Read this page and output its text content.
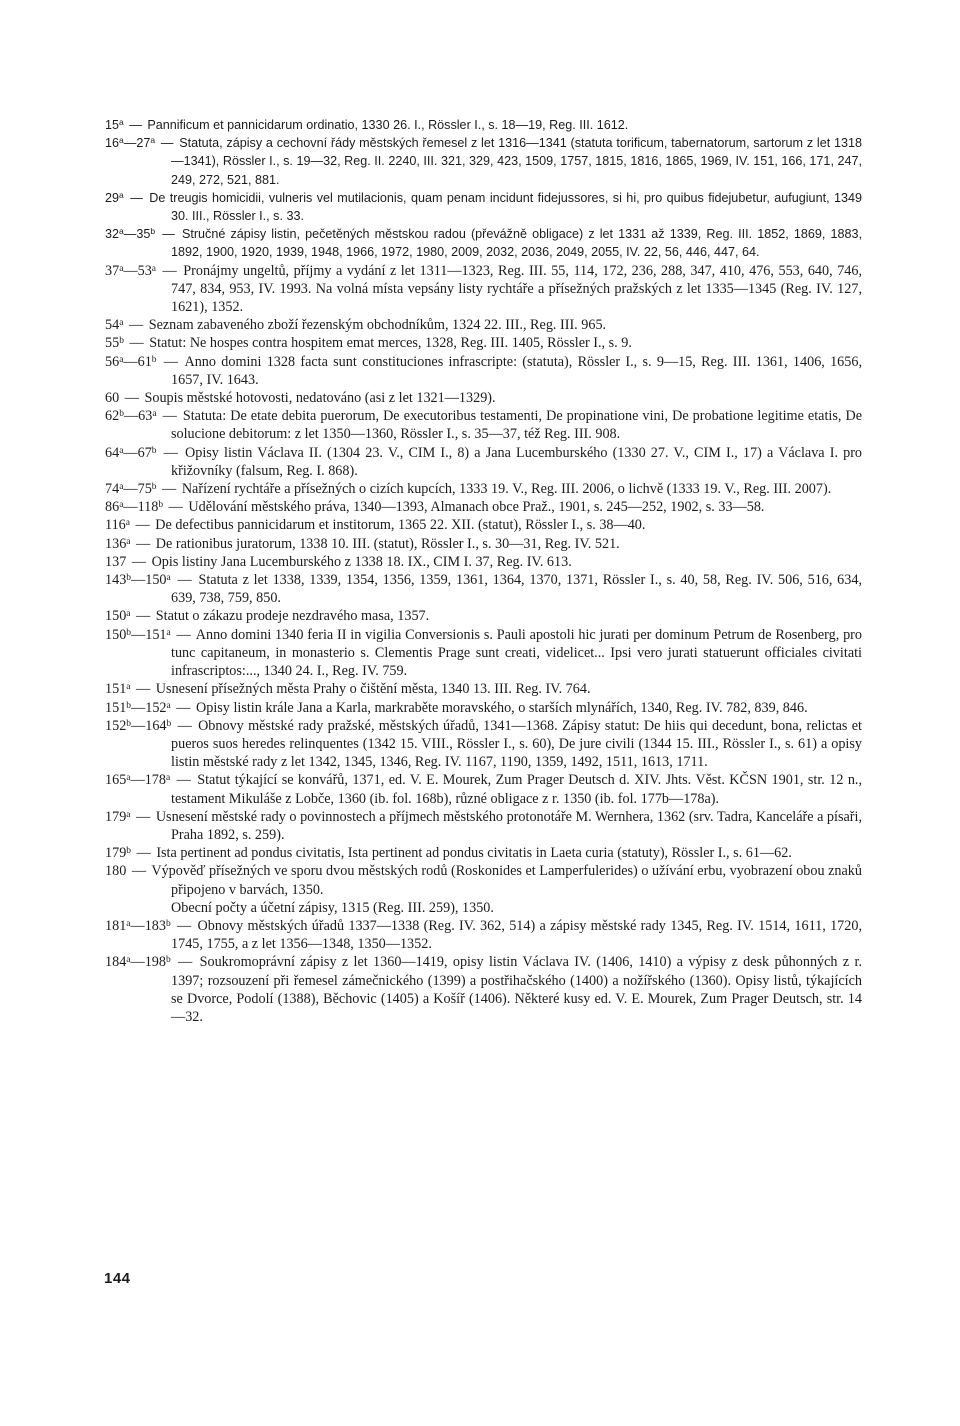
15$^a$ — Pannificum et pannicidarum ordinatio, 1330 26. I., Rössler I., s. 18—19, Reg. III. 1612.

16$^a$—27$^a$ — Statuta, zápisy a cechovní řády městských řemesel z let 1316—1341 (statuta torificum, tabernatorum, sartorum z let 1318—1341), Rössler I., s. 19—32, Reg. II. 2240, III. 321, 329, 423, 1509, 1757, 1815, 1816, 1865, 1969, IV. 151, 166, 171, 247, 249, 272, 521, 881.

29$^a$ — De treugis homicidii, vulneris vel mutilacionis, quam penam incidunt fidejussores, si hi, pro quibus fidejubetur, aufugiunt, 1349 30. III., Rössler I., s. 33.

32$^a$—35$^b$ — Stručné zápisy listin, pečetěných městskou radou (převážně obligace) z let 1331 až 1339, Reg. III. 1852, 1869, 1883, 1892, 1900, 1920, 1939, 1948, 1966, 1972, 1980, 2009, 2032, 2036, 2049, 2055, IV. 22, 56, 446, 447, 64.

37$^a$—53$^a$ — Pronájmy ungeltů, příjmy a vydání z let 1311—1323, Reg. III. 55, 114, 172, 236, 288, 347, 410, 476, 553, 640, 746, 747, 834, 953, IV. 1993. Na volná místa vepsány listy rychtáře a přísežných pražských z let 1335—1345 (Reg. IV. 127, 1621), 1352.

54$^a$ — Seznam zabaveného zboží řezenským obchodníkům, 1324 22. III., Reg. III. 965.

55$^b$ — Statut: Ne hospes contra hospitem emat merces, 1328, Reg. III. 1405, Rössler I., s. 9.

56$^a$—61$^b$ — Anno domini 1328 facta sunt constituciones infrascripte: (statuta), Rössler I., s. 9—15, Reg. III. 1361, 1406, 1656, 1657, IV. 1643.

60 — Soupis městské hotovosti, nedatováno (asi z let 1321—1329).

62$^b$—63$^a$ — Statuta: De etate debita puerorum, De executoribus testamenti, De propinatione vini, De probatione legitime etatis, De solucione debitorum: z let 1350—1360, Rössler I., s. 35—37, též Reg. III. 908.

64$^a$—67$^b$ — Opisy listin Václava II. (1304 23. V., CIM I., 8) a Jana Lucemburského (1330 27. V., CIM I., 17) a Václava I. pro křižovníky (falsum, Reg. I. 868).

74$^a$—75$^b$ — Nařízení rychtáře a přísežných o cizích kupcích, 1333 19. V., Reg. III. 2006, o lichvě (1333 19. V., Reg. III. 2007).

86$^a$—118$^b$ — Udělování městského práva, 1340—1393, Almanach obce Praž., 1901, s. 245—252, 1902, s. 33—58.

116$^a$ — De defectibus pannicidarum et institorum, 1365 22. XII. (statut), Rössler I., s. 38—40.

136$^a$ — De rationibus juratorum, 1338 10. III. (statut), Rössler I., s. 30—31, Reg. IV. 521.

137 — Opis listiny Jana Lucemburského z 1338 18. IX., CIM I. 37, Reg. IV. 613.

143$^b$—150$^a$ — Statuta z let 1338, 1339, 1354, 1356, 1359, 1361, 1364, 1370, 1371, Rössler I., s. 40, 58, Reg. IV. 506, 516, 634, 639, 738, 759, 850.

150$^a$ — Statut o zákazu prodeje nezdravého masa, 1357.

150$^b$—151$^a$ — Anno domini 1340 feria II in vigilia Conversionis s. Pauli apostoli hic jurati per dominum Petrum de Rosenberg, pro tunc capitaneum, in monasterio s. Clementis Prage sunt creati, videlicet... Ipsi vero jurati statuerunt officiales civitati infrascriptos:..., 1340 24. I., Reg. IV. 759.

151$^a$ — Usnesení přísežných města Prahy o čištění města, 1340 13. III. Reg. IV. 764.

151$^b$—152$^a$ — Opisy listin krále Jana a Karla, markraběte moravského, o starších mlynářích, 1340, Reg. IV. 782, 839, 846.

152$^b$—164$^b$ — Obnovy městské rady pražské, městských úřadů, 1341—1368. Zápisy statut: De hiis qui decedunt, bona, relictas et pueros suos heredes relinquentes (1342 15. VIII., Rössler I., s. 60), De jure civili (1344 15. III., Rössler I., s. 61) a opisy listin městské rady z let 1342, 1345, 1346, Reg. IV. 1167, 1190, 1359, 1492, 1511, 1613, 1711.

165$^a$—178$^a$ — Statut týkající se konvářů, 1371, ed. V. E. Mourek, Zum Prager Deutsch d. XIV. Jhts. Věst. KČSN 1901, str. 12 n., testament Mikuláše z Lobče, 1360 (ib. fol. 168b), různé obligace z r. 1350 (ib. fol. 177b—178a).

179$^a$ — Usnesení městské rady o povinnostech a příjmech městského protonotáře M. Wernhera, 1362 (srv. Tadra, Kanceláře a písaři, Praha 1892, s. 259).

179$^b$ — Ista pertinent ad pondus civitatis, Ista pertinent ad pondus civitatis in Laeta curia (statuty), Rössler I., s. 61—62.

180 — Výpověď přísežných ve sporu dvou městských rodů (Roskonides et Lamperfulerides) o užívání erbu, vyobrazení obou znaků připojeno v barvách, 1350.

Obecní počty a účetní zápisy, 1315 (Reg. III. 259), 1350.

181$^a$—183$^b$ — Obnovy městských úřadů 1337—1338 (Reg. IV. 362, 514) a zápisy městské rady 1345, Reg. IV. 1514, 1611, 1720, 1745, 1755, a z let 1356—1348, 1350—1352.

184$^a$—198$^b$ — Soukromoprávní zápisy z let 1360—1419, opisy listin Václava IV. (1406, 1410) a výpisy z desk půhonných z r. 1397; rozsouzení při řemesel zámečnického (1399) a postřihačského (1400) a nožířského (1360). Opisy listů, týkajících se Dvorce, Podolí (1388), Běchovic (1405) a Košíř (1406). Některé kusy ed. V. E. Mourek, Zum Prager Deutsch, str. 14—32.

144
